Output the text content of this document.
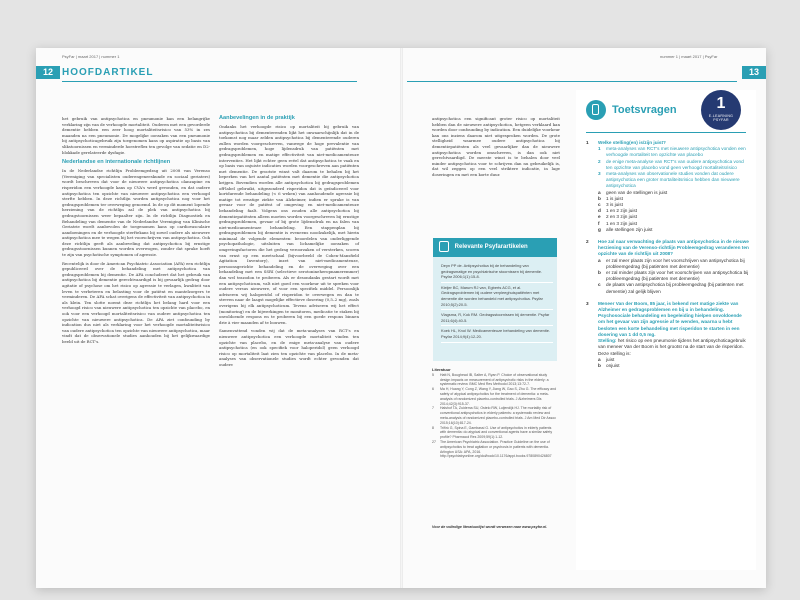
PsyFar | maart 2017 | nummer 1	nummer 1 | maart 2017 | PsyFar
12	13
HOOFDARTIKEL

het gebruik van antipsychotica en pneumonie kan een belangrijke verklaring zijn van de verhoogde mortaliteit. Ouderen met een gevorderde dementie hebben een zeer hoog mortaliteitsrisico van 53% in zes maanden na een pneumonie. De mogelijke oorzaken van een pneumonie bij antipsychoticagebruik zijn toegenomen kans op aspiratie op basis van slikstoornissen en verminderde hoestreflex ten gevolge van sedatie en D2-blokkade gerelateerde dysfagie.

Nederlandse en internationale richtlijnen

In de Nederlandse richtlijn Probleemgedrag uit 2008 van Verenso (Vereniging van specialisten ouderengeneeskunde en sociaal geriaters) wordt beschreven dat voor de nieuwere antipsychotica olanzapine en risperidon een verhoogde kans op CVA's werd gevonden, en dat oudere antipsychotica ten opzichte van nieuwere antipsychotica een verhoogd sterfte hebben. In deze richtlijn worden antipsychotica nog voor het gedragsproblemen ter overweging genoemd. In de op dit moment lopende herziening van de richtlijn zal de plek van antipsychotica bij gedragstoornissen weer bepaalter zijn. In de richtlijn Diagnostiek en Behandeling van dementie van de Nederlandse Vereniging van Klinische Geriatrie wordt aanbevolen de toegenomen kans op cardiovasculaire aandoeningen en de verhoogde sterftekans bij zowel oudere als nieuwere antipsychotica mee te wegen bij het voorschrijven van antipsychotica. Ook deze richtlijn geeft als aanbeveling dat antipsychotica bij ernstige gedragsstoornissen kunnen worden overwogen, zonder dat sprake hoeft te zijn van psychotische symptomen of agressie.

Recentelijk is door de American Psychiatric Association (APA) een richtlijn gepubliceerd over de behandeling met antipsychotica van gedragsproblemen bij dementie. De APA concludeert dat het gebruik van antipsychotica bij dementie gerechtvaardigd is bij gevaarlijk gedrag door agitatie of psychose om het risico op agressie te verlagen, kwaliteit van leven te verbeteren en belasting voor de patiënt en mantelzorgers te verminderen. De APA schat overigens de effectiviteit van antipsychotica in als klein. Ten slotte noemt deze richtlijn het belang hard voor een verhoogd risico van nieuwere antipsychotica ten opzichte van placebo, en ook voor een verhoogd mortaliteitsrisico van oudere antipsychotica ten opzichte van nieuwere antipsychotica. De APA ziet confounding by indication dus niet als verklaring voor het verhoogde mortaliteitsrisico van oudere antipsychotica ten opzichte van nieuwere antipsychotica, maar vindt dat de observationele studies aanhouden bij het gelijkwaardige beeld uit de RCT's.

Aanbevelingen in de praktijk

Ondanks het verhoogde risico op mortaliteit bij gebruik van antipsychotica bij dementerenden lijkt het onwaarschijnlijk dat in de toekomst nog maar zelden antipsychotica bij dementerende ouderen zullen worden voorgeschreven, vanwege de hoge prevalentie van gedragsproblemen, hoge lijdensdruk van patiënten met gedragsproblemen en matige effectiviteit van niet-medicamenteuze interventies. Het lijkt echter geen reëel dat antipsychotica te vaak en op basis van onjuiste indicaties worden voorgeschreven aan patiënten met dementie. De grootste winst valt daarom te behalen bij het beperken van het aantal patiënten met dementie die antipsychotica krijgen. Bovendien worden alle antipsychotica bij gedragsproblemen off-label gebruikt, uitgezonderd risperidon dat is geïndiceerd voor kortdurende behandeling (< 6 weken) van aanhoudende agressie bij matige tot ernstige ziekte van Alzheimer, indien er sprake is van gevaar voor de patiënt of omgeving en niet-medicamenteuze behandeling faalt. Volgens ons zouden alle antipsychotica bij dementiepatiënten alleen moeten worden voorgeschreven bij ernstige gedragsproblemen, gevaar of bij grote lijdensdruk en na falen van niet-medicamenteuze behandeling. Een stappenplan bij gedragsproblemen bij dementie is eveneens noodzakelijk, met hierin minimaal de volgende elementen: beoordelen van onderliggende psychopathologie, uitsluiten van lichamelijke oorzaken of omgevingsfactoren die het gedrag veroorzaken of versterken, scoren van ernst op een meetschaal (bijvoorbeeld de Cohen-Mansfield Agitation Inventory), inzet van niet-medicamenteuze, persoonsgerichte behandeling en de overweging over een behandeling met een SSRI (selectieve serotonineheropnameremmer) dan wel trazodon te proberen. Als er desondanks gestart wordt met een antipsychoticum, valt niet goed een voorkeur uit te spreken voor oudere versus nieuwere, of voor een specifiek middel. Persoonlijk adviseren wij haloperidol of risperidon te overwegen en dan te streven naar de laagst mogelijke effectieve dosering (0,5–2 mg), zoals overigens bij elk antipsychoticum. Tevens adviseren wij het effect (monitoring) en de bijwerkingen te monitoren, medicatie te staken bij onvoldoende respons en te proberen bij een goede respons binnen drie à vier maanden af te bouwen.

Samenvattend vonden wij dat de meta-analyses van RCT's en nieuwere antipsychotica een verhoogde mortaliteit vinden ten opzichte van placebo, en de enige meta-analyse van oudere antipsychotica (en ook specifiek voor haloperidol) geen verhoogd risico op mortaliteit laat zien ten opzichte van placebo. In de meta-analyses van observationele studies wordt echter gevonden dat oudere

antipsychotica een significant groter risico op mortaliteit hebben dan de nieuwere antipsychotica, hetgeen verklaard kan worden door confounding by indication. Een duidelijke voorkeur kan ons inziens daarom niet uitgesproken worden. De grote stelligheid waarmee oudere antipsychotica bij dementiepatiënten als veel gevaarlijker dan de nieuwere antipsychotica worden omschreven, is dan ook niet gerechtvaardigd. De meeste winst is te behalen door veel minder antipsychotica voor te schrijven dan nu gebruikelijk is, dat wil zeggen op een veel striktere indicatie, in lage doseringen en met een korte duur.

Relevante Psyfarartikelen
Deyn PP de. Antipsychotica bij de behandeling van gedragsmatige en psychiatrische stoornissen bij dementie. Psyfar 2006;1(1):15-8.
Kleijer BC, Marum RJ van, Egberts ACG, et al. Gedragsproblemen bij oudere verpleeghuispatiënten met dementie die worden behandeld met antipsychotica. Psyfar 2010;5(2):20-5.
Vlagsma, R, Kok RM. Gedragsstoornissen bij dementie. Psyfar 2011;6(4):40-5.
Koek HL, Knol W. Medicamenteuze behandeling van dementie. Psyfar 2014;9(4):12-20.
Literatuur
5	Hatt N, Boughead IB, Salter A, Ryan P. Choice of observational study design impacts on measurement of antipsychotic risks in the elderly: a systematic review. BMC Med Res Methodol 2013;13:72-7.
6	Ma H, Huang Y, Cong Z, Wang Y, Jiang W, Gao S, Zhu G. The efficacy and safety of atypical antipsychotics for the treatment of dementia: a meta-analysis of randomized placebo-controlled trials. J Alzheimers Dis 2014;42(3):915-37.
7	Halshof TA, Zuidema SU, Ostelo RW, Luijendijk HJ. The mortality risk of conventional antipsychotics in elderly patients: a systematic review and meta-analysis of randomized placebo-controlled trials. J Am Med Dir Assoc 2015;16(10):817-24.
8	Trifirò G, Spina E, Gambassi G. Use of antipsychotics in elderly patients with dementia: do atypical and conventional agents have a similar safety profile? Pharmacol Res 2009;59(1):1-12.
27	The American Psychiatric Association. Practice Guideline on the use of antipsychotics to treat agitation or psychosis in patients with dementia. Arlington USA: APA, 2016. http://psychiatryonline.org/doi/book/10.1176/appi.books.9780890426807
Voor de volledige literatuurlijst wordt verwezen naar www.psyfar.nl.
Toetsvragen	1
E-LEARNING PSYFAR
1	Welke stelling(en) is/zijn juist?
1	meta-analyses van RCT's met nieuwere antipsychotica vonden een verhoogde mortaliteit ten opzichte van placebo
2	de enige meta-analyse van RCT's van oudere antipsychotica vond ten opzichte van placebo vond geen verhoogd mortaliteitsrisico
3	meta-analyses van observationele studies vonden dat oudere antipsychotica een groter mortaliteitsrisico hebben dan nieuwere antipsychotica
a	geen van de stellingen is juist
b	1 is juist
c	3 is juist
d	1 en 2 zijn juist
e	2 en 3 zijn juist
f	1 en 3 zijn juist
g	alle stellingen zijn juist
2	Hoe zal naar verwachting de plaats van antipsychotica in de nieuwe herziening van de Verenso-richtlijn Probleemgedrag veranderen ten opzichte van de richtlijn uit 2008?
a	er zal meer plaats zijn voor het voorschrijven van antipsychotica bij probleemgedrag (bij patiënten met dementie)
b	er zal minder plaats zijn voor het voorschrijven van antipsychotica bij probleemgedrag (bij patiënten met dementie)
c	de plaats van antipsychotica bij probleemgedrag (bij patiënten met dementie) zal gelijk blijven
3	Meneer Van der Boom, 85 jaar, is bekend met matige ziekte van Alzheimer en gedragsproblemen en bij u in behandeling. Psychosociale behandeling en begeleiding hielpen onvoldoende om het gevaar van zijn agressie af te wenden, waarna u hebt besloten een korte behandeling met risperidon te starten in een dosering van 1 dd 0,5 mg.
Stelling: het risico op een pneumonie tijdens het antipsychoticagebruik van meneer Van der Boom is het grootst na de start van de risperidon. Deze stelling is:
a	juist
b	onjuist
